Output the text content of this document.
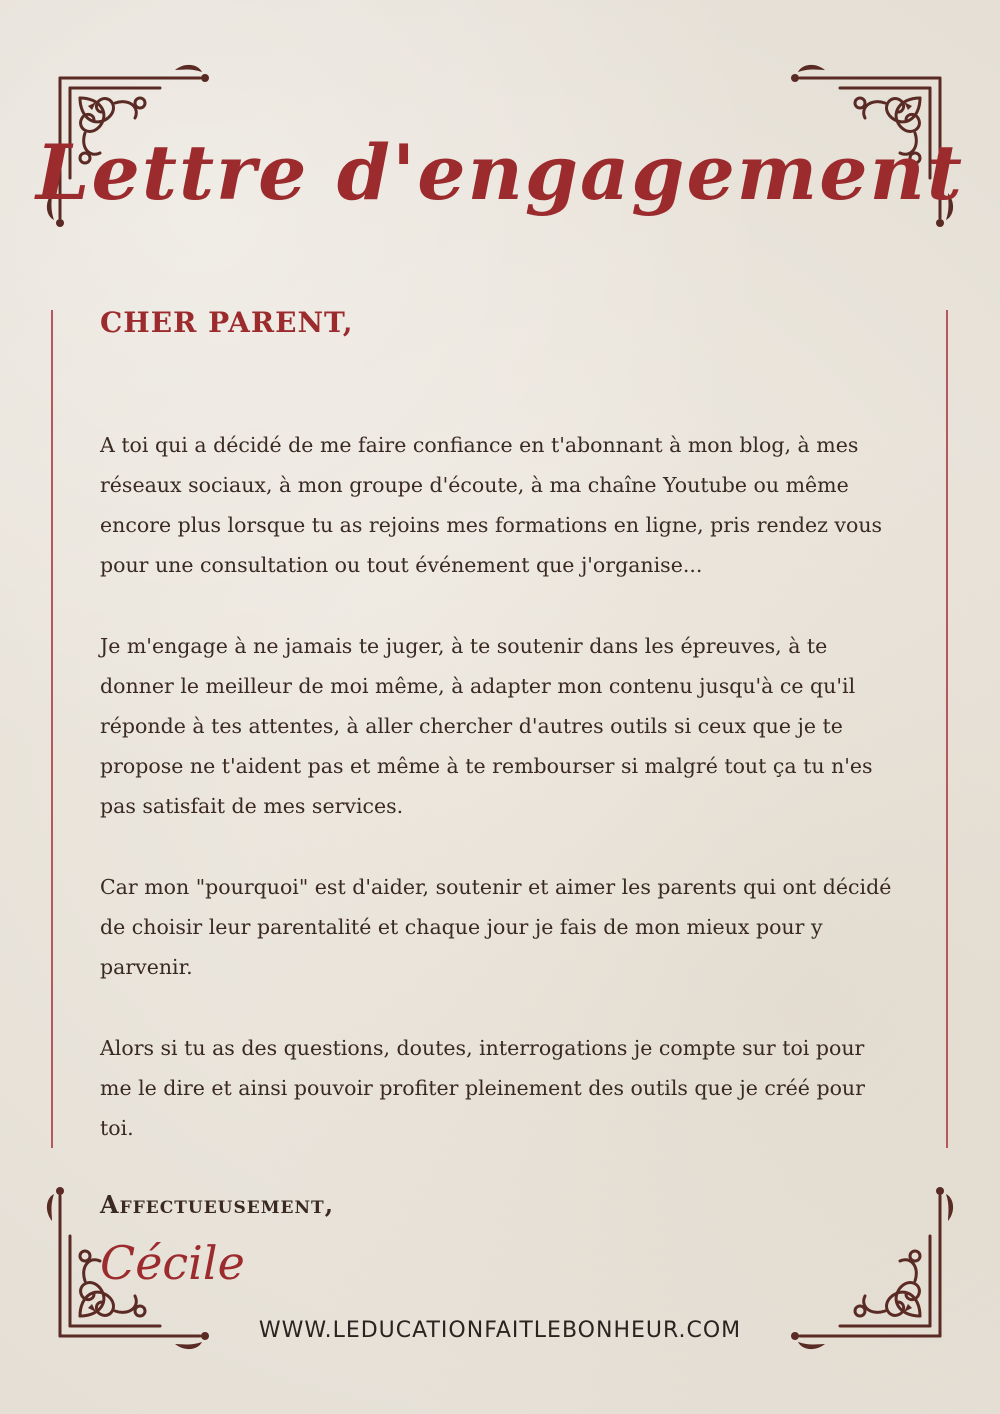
Lettre d'engagement
CHER PARENT,

A toi qui a décidé de me faire confiance en t'abonnant à mon blog, à mes réseaux sociaux, à mon groupe d'écoute, à ma chaîne Youtube ou même encore plus lorsque tu as rejoins mes formations en ligne, pris rendez vous pour une consultation ou tout événement que j'organise...

Je m'engage à ne jamais te juger, à te soutenir dans les épreuves, à te donner le meilleur de moi même, à adapter mon contenu jusqu'à ce qu'il réponde à tes attentes, à aller chercher d'autres outils si ceux que je te propose ne t'aident pas et même à te rembourser si malgré tout ça tu n'es pas satisfait de mes services.

Car mon "pourquoi" est d'aider, soutenir et aimer les parents qui ont décidé de choisir leur parentalité et chaque jour je fais de mon mieux pour y parvenir.

Alors si tu as des questions, doutes, interrogations je compte sur toi pour me le dire et ainsi pouvoir profiter pleinement des outils que je créé pour toi.

Affectueusement,

Cécile

WWW.LEDUCATIONFAITLEBONHEUR.COM
